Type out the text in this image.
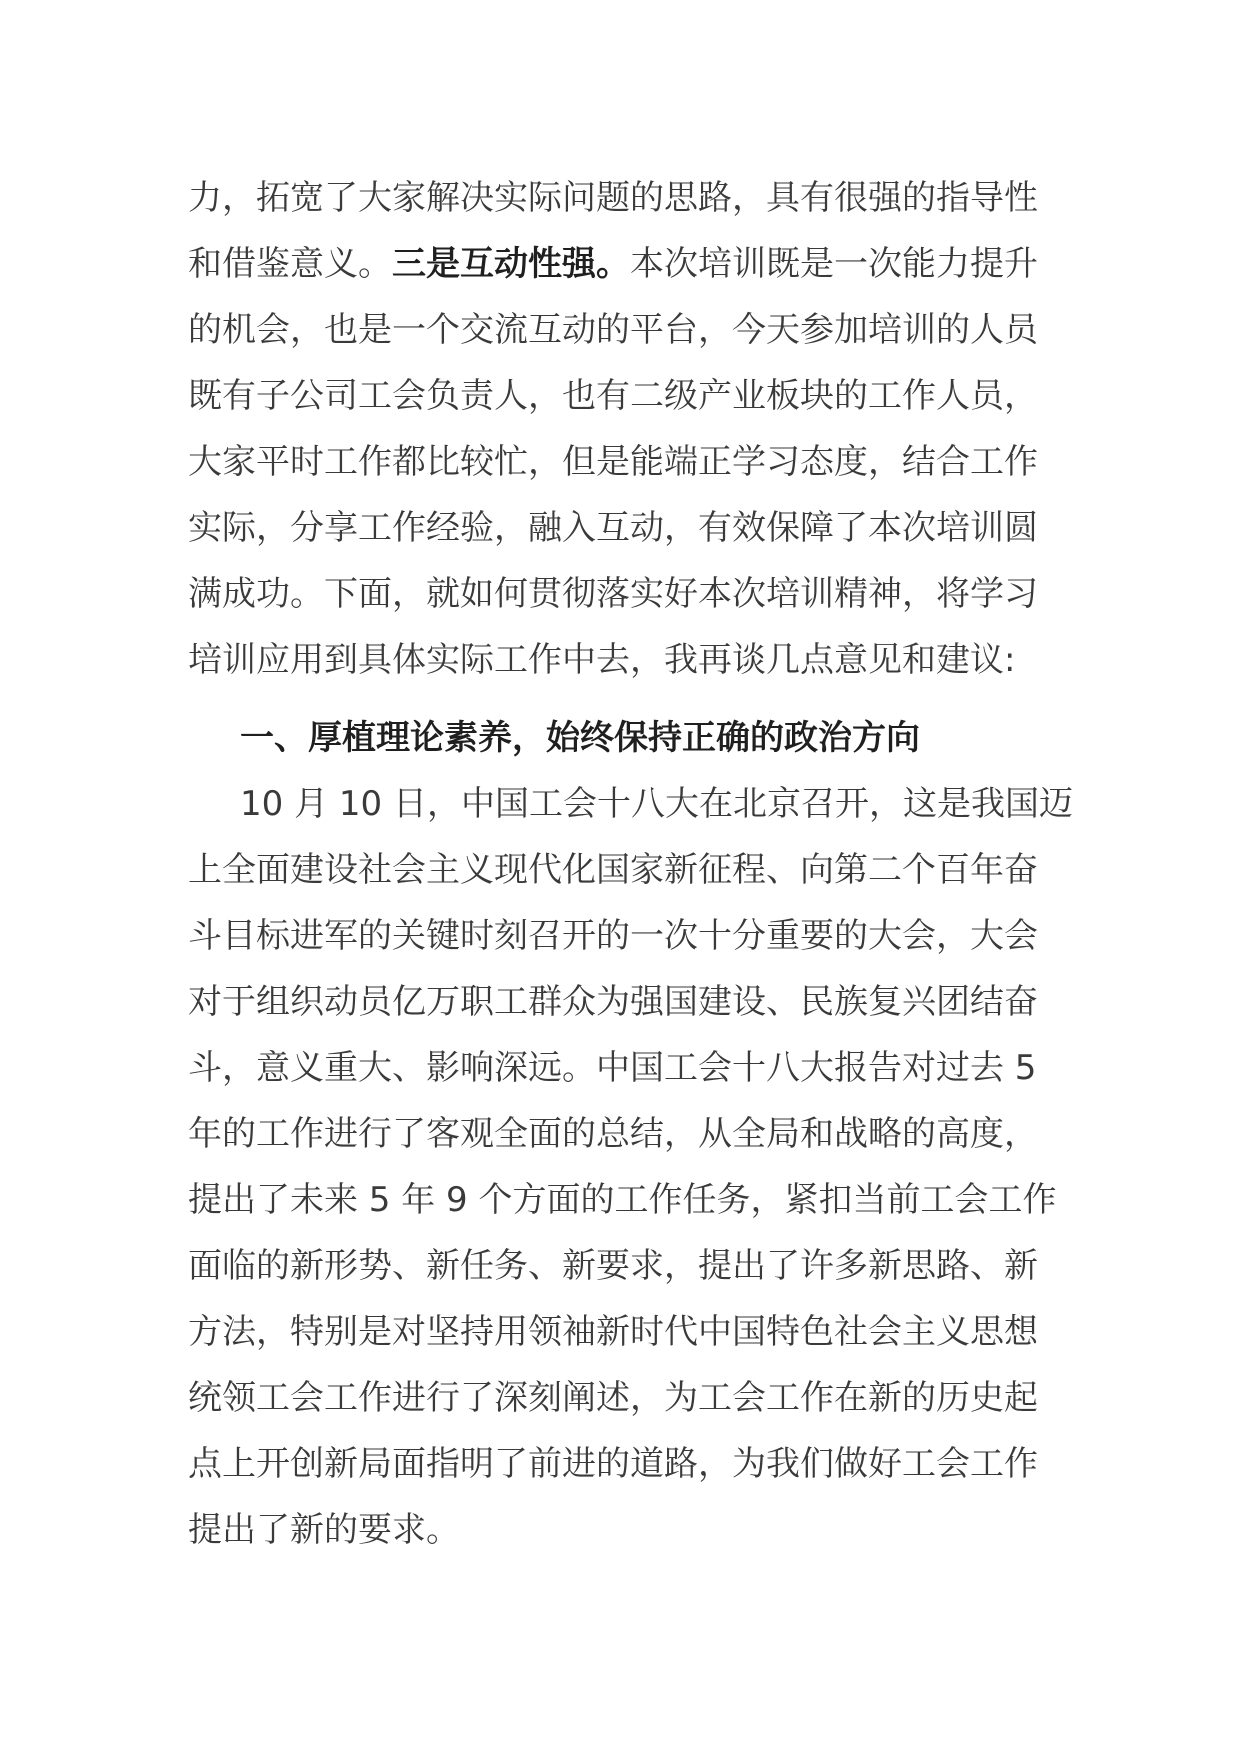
力，拓宽了大家解决实际问题的思路，具有很强的指导性
和借鉴意义。三是互动性强。本次培训既是一次能力提升
的机会，也是一个交流互动的平台，今天参加培训的人员
既有子公司工会负责人，也有二级产业板块的工作人员，
大家平时工作都比较忙，但是能端正学习态度，结合工作
实际，分享工作经验，融入互动，有效保障了本次培训圆
满成功。下面，就如何贯彻落实好本次培训精神，将学习
培训应用到具体实际工作中去，我再谈几点意见和建议:
一、厚植理论素养，始终保持正确的政治方向
10 月 10 日，中国工会十八大在北京召开，这是我国迈
上全面建设社会主义现代化国家新征程、向第二个百年奋
斗目标进军的关键时刻召开的一次十分重要的大会，大会
对于组织动员亿万职工群众为强国建设、民族复兴团结奋
斗，意义重大、影响深远。中国工会十八大报告对过去 5
年的工作进行了客观全面的总结，从全局和战略的高度，
提出了未来 5 年 9 个方面的工作任务，紧扣当前工会工作
面临的新形势、新任务、新要求，提出了许多新思路、新
方法，特别是对坚持用领袖新时代中国特色社会主义思想
统领工会工作进行了深刻阐述，为工会工作在新的历史起
点上开创新局面指明了前进的道路，为我们做好工会工作
提出了新的要求。
